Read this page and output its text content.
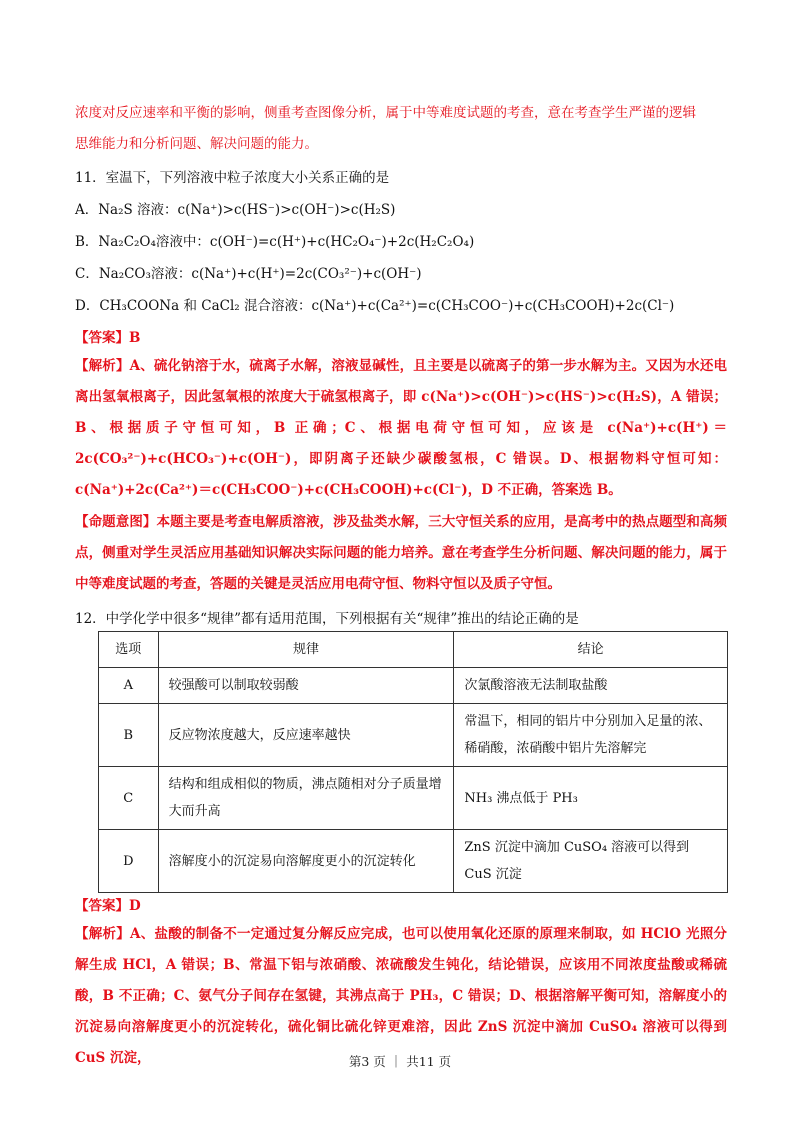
浓度对反应速率和平衡的影响，侧重考查图像分析，属于中等难度试题的考查，意在考查学生严谨的逻辑
思维能力和分析问题、解决问题的能力。
11．室温下，下列溶液中粒子浓度大小关系正确的是
A．Na₂S 溶液：c(Na⁺)>c(HS⁻)>c(OH⁻)>c(H₂S)
B．Na₂C₂O₄溶液中：c(OH⁻)=c(H⁺)+c(HC₂O₄⁻)+2c(H₂C₂O₄)
C．Na₂CO₃溶液：c(Na⁺)+c(H⁺)=2c(CO₃²⁻)+c(OH⁻)
D．CH₃COONa 和 CaCl₂ 混合溶液：c(Na⁺)+c(Ca²⁺)=c(CH₃COO⁻)+c(CH₃COOH)+2c(Cl⁻)
【答案】B
【解析】A、硫化钠溶于水，硫离子水解，溶液显碱性，且主要是以硫离子的第一步水解为主。又因为水还电离出氢氧根离子，因此氢氧根的浓度大于硫氢根离子，即 c(Na⁺)>c(OH⁻)>c(HS⁻)>c(H₂S)，A 错误；B、根据质子守恒可知，B 正确；C、根据电荷守恒可知，应该是 c(Na⁺)+c(H⁺)＝2c(CO₃²⁻)+c(HCO₃⁻)+c(OH⁻)，即阴离子还缺少碳酸氢根，C 错误。D、根据物料守恒可知：c(Na⁺)+2c(Ca²⁺)＝c(CH₃COO⁻)+c(CH₃COOH)+c(Cl⁻)，D 不正确，答案选 B。
【命题意图】本题主要是考查电解质溶液，涉及盐类水解，三大守恒关系的应用，是高考中的热点题型和高频点，侧重对学生灵活应用基础知识解决实际问题的能力培养。意在考查学生分析问题、解决问题的能力，属于中等难度试题的考查，答题的关键是灵活应用电荷守恒、物料守恒以及质子守恒。
12．中学化学中很多“规律”都有适用范围，下列根据有关“规律”推出的结论正确的是
选项	规律	结论
A	较强酸可以制取较弱酸	次氯酸溶液无法制取盐酸
B	反应物浓度越大，反应速率越快	常温下，相同的铝片中分别加入足量的浓、稀硝酸，浓硝酸中铝片先溶解完
C	结构和组成相似的物质，沸点随相对分子质量增大而升高	NH₃ 沸点低于 PH₃
D	溶解度小的沉淀易向溶解度更小的沉淀转化	ZnS 沉淀中滴加 CuSO₄ 溶液可以得到 CuS 沉淀
【答案】D
【解析】A、盐酸的制备不一定通过复分解反应完成，也可以使用氧化还原的原理来制取，如 HClO 光照分解生成 HCl，A 错误；B、常温下铝与浓硝酸、浓硫酸发生钝化，结论错误，应该用不同浓度盐酸或稀硫酸，B 不正确；C、氨气分子间存在氢键，其沸点高于 PH₃，C 错误；D、根据溶解平衡可知，溶解度小的沉淀易向溶解度更小的沉淀转化，硫化铜比硫化锌更难溶，因此 ZnS 沉淀中滴加 CuSO₄ 溶液可以得到 CuS 沉淀，	第3 页 ｜ 共11 页
